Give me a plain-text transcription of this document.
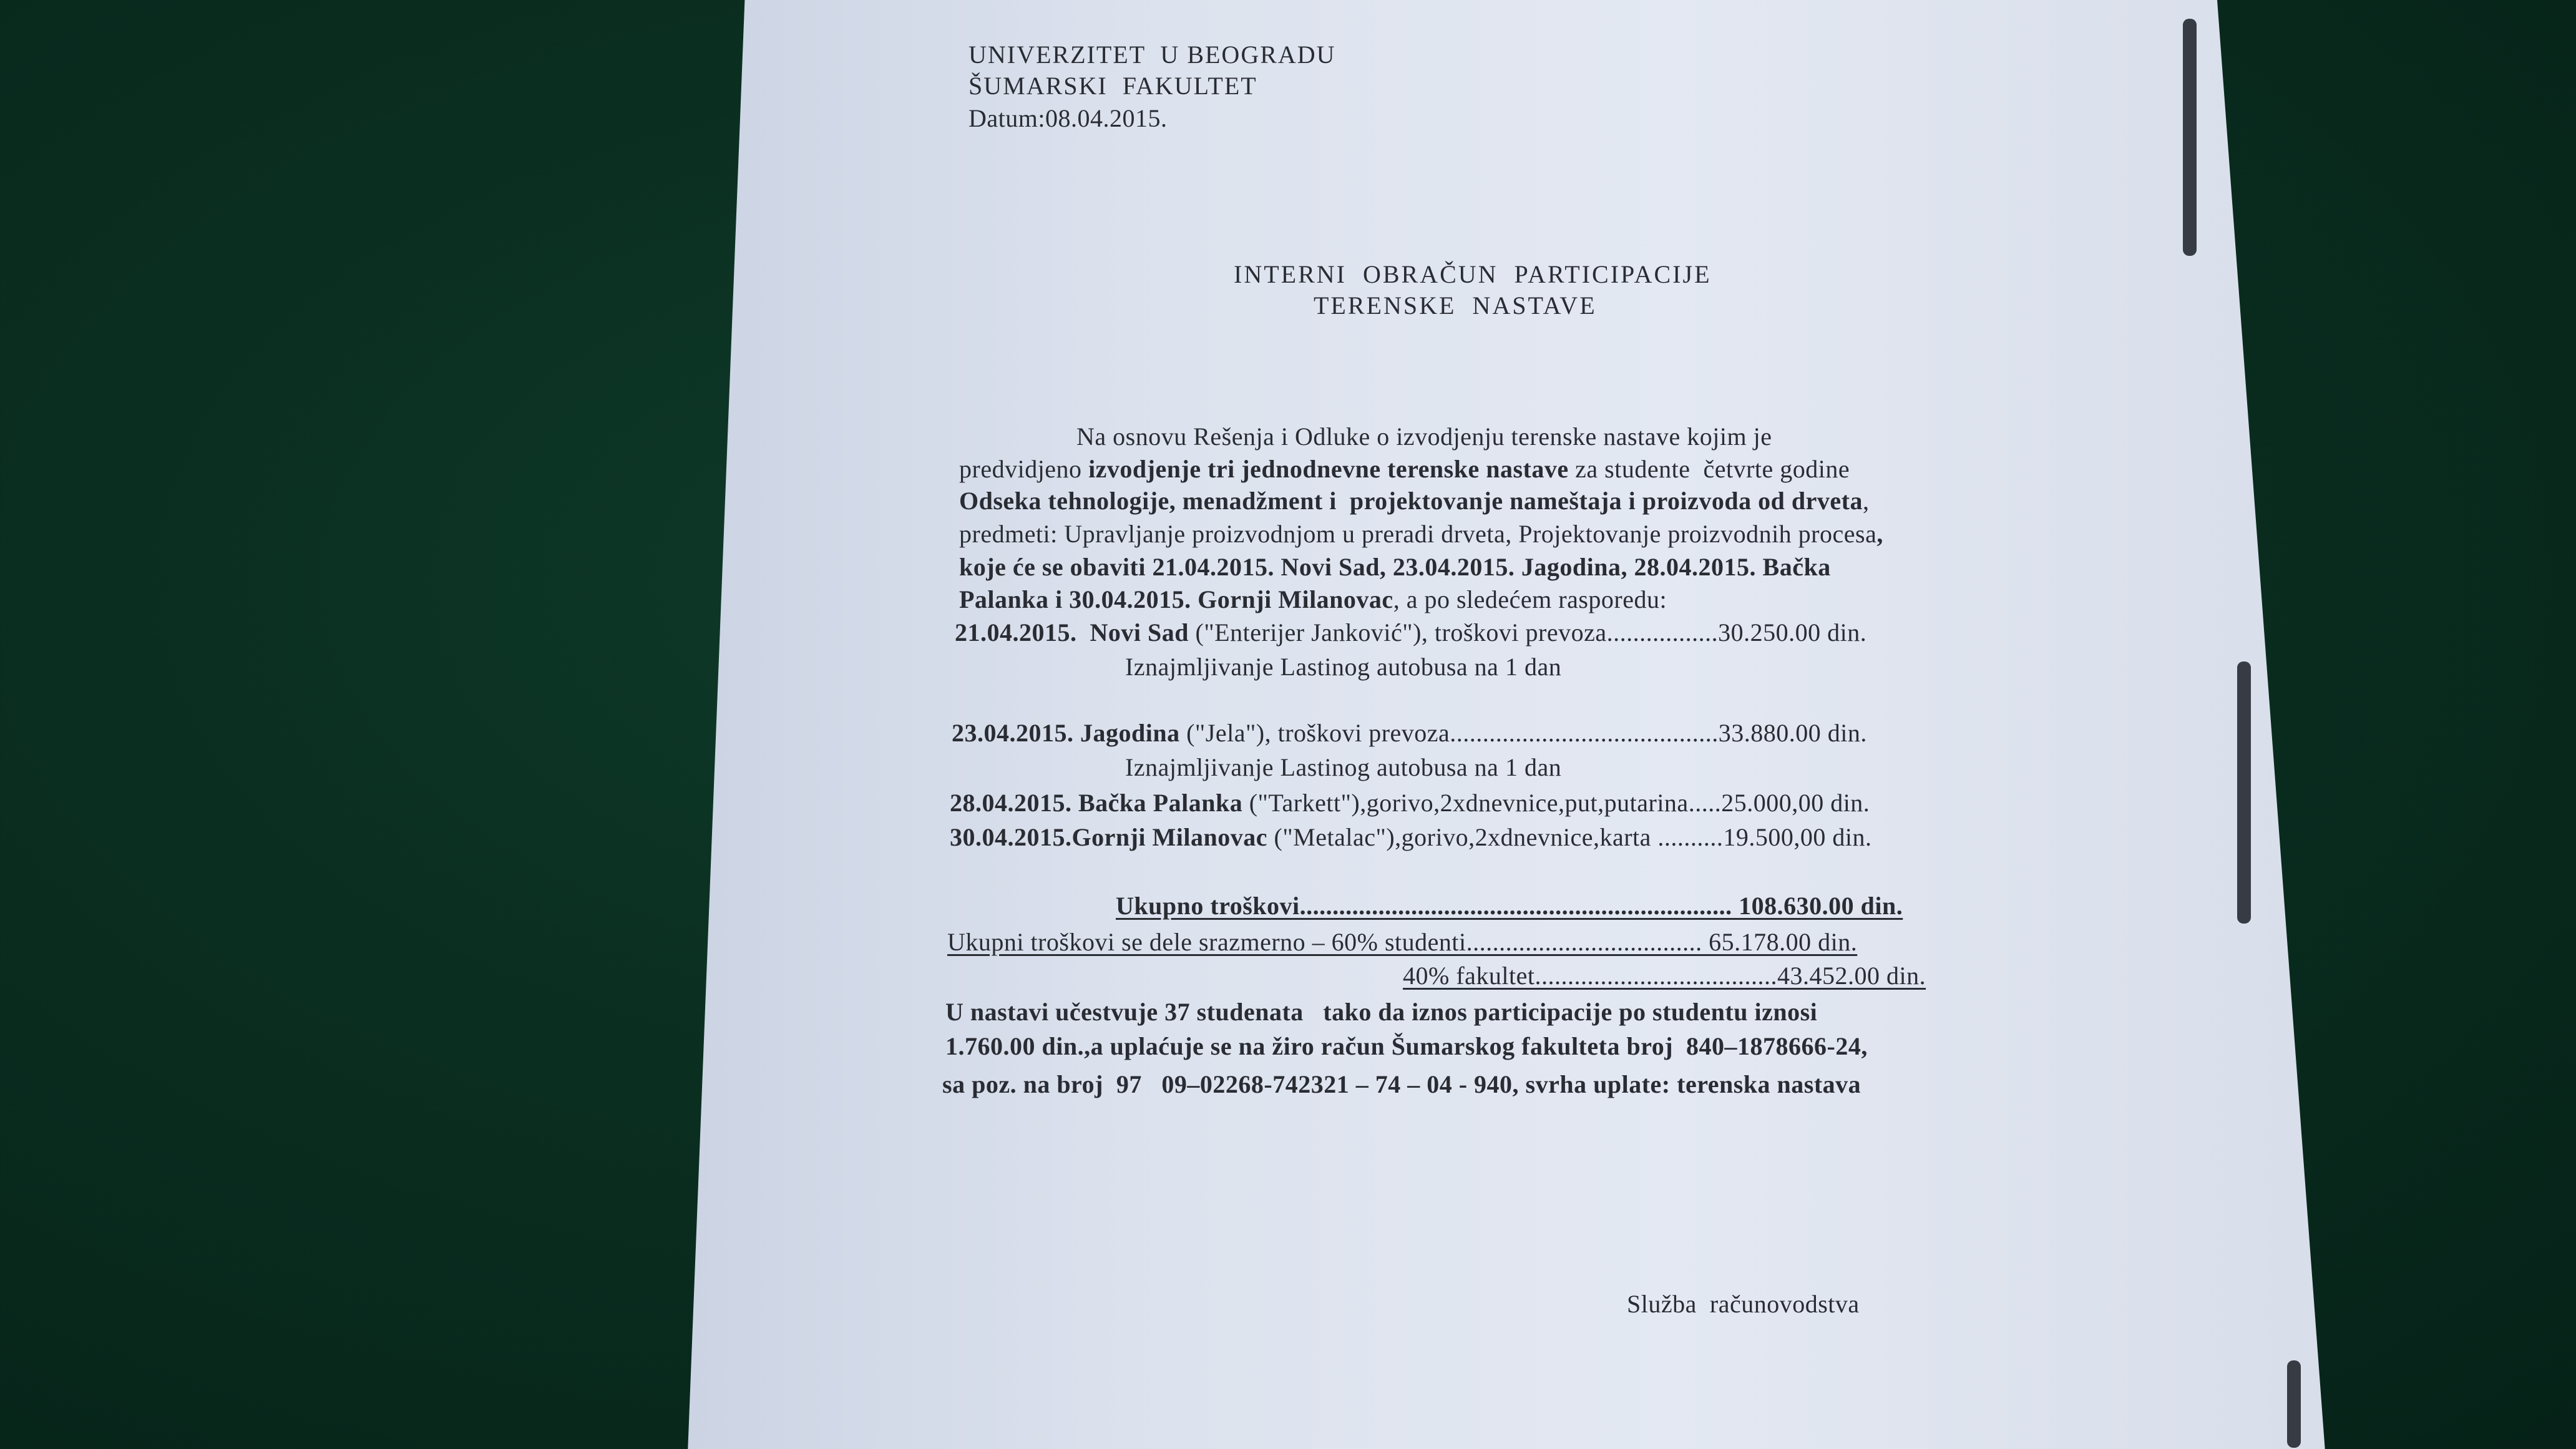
UNIVERZITET  U BEOGRADU
ŠUMARSKI  FAKULTET
Datum:08.04.2015.
INTERNI  OBRAČUN  PARTICIPACIJE
TERENSKE  NASTAVE
Na osnovu Rešenja i Odluke o izvodjenju terenske nastave kojim je
predvidjeno izvodjenje tri jednodnevne terenske nastave za studente  četvrte godine
Odseka tehnologije, menadžment i  projektovanje nameštaja i proizvoda od drveta,
predmeti: Upravljanje proizvodnjom u preradi drveta, Projektovanje proizvodnih procesa,
koje će se obaviti 21.04.2015. Novi Sad, 23.04.2015. Jagodina, 28.04.2015. Bačka
Palanka i 30.04.2015. Gornji Milanovac, a po sledećem rasporedu:
21.04.2015.  Novi Sad ("Enterijer Janković"), troškovi prevoza.................30.250.00 din.
Iznajmljivanje Lastinog autobusa na 1 dan
23.04.2015. Jagodina ("Jela"), troškovi prevoza.........................................33.880.00 din.
Iznajmljivanje Lastinog autobusa na 1 dan
28.04.2015. Bačka Palanka ("Tarkett"),gorivo,2xdnevnice,put,putarina.....25.000,00 din.
30.04.2015.Gornji Milanovac ("Metalac"),gorivo,2xdnevnice,karta ..........19.500,00 din.
Ukupno troškovi.................................................................. 108.630.00 din.
Ukupni troškovi se dele srazmerno – 60% studenti.................................... 65.178.00 din.
40% fakultet.....................................43.452.00 din.
U nastavi učestvuje 37 studenata   tako da iznos participacije po studentu iznosi
1.760.00 din.,a uplaćuje se na žiro račun Šumarskog fakulteta broj  840–1878666-24,
sa poz. na broj  97   09–02268-742321 – 74 – 04 - 940, svrha uplate: terenska nastava
Služba  računovodstva
